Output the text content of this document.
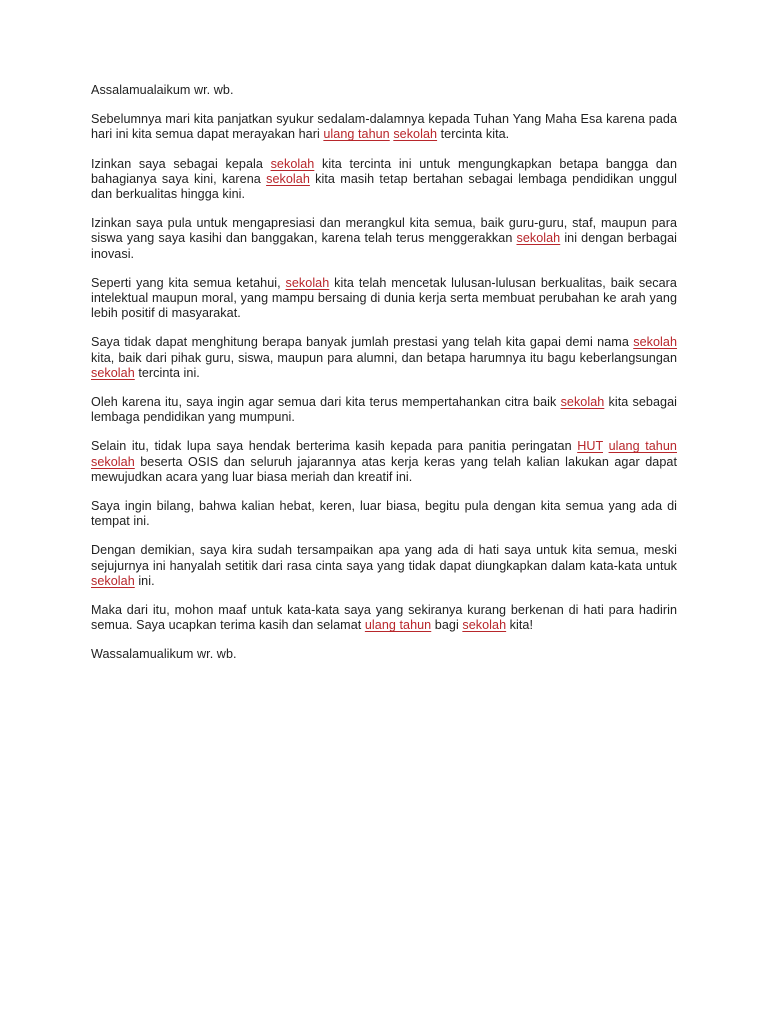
Assalamualaikum wr. wb.

Sebelumnya mari kita panjatkan syukur sedalam-dalamnya kepada Tuhan Yang Maha Esa karena pada hari ini kita semua dapat merayakan hari ulang tahun sekolah tercinta kita.

Izinkan saya sebagai kepala sekolah kita tercinta ini untuk mengungkapkan betapa bangga dan bahagianya saya kini, karena sekolah kita masih tetap bertahan sebagai lembaga pendidikan unggul dan berkualitas hingga kini.

Izinkan saya pula untuk mengapresiasi dan merangkul kita semua, baik guru-guru, staf, maupun para siswa yang saya kasihi dan banggakan, karena telah terus menggerakkan sekolah ini dengan berbagai inovasi.

Seperti yang kita semua ketahui, sekolah kita telah mencetak lulusan-lulusan berkualitas, baik secara intelektual maupun moral, yang mampu bersaing di dunia kerja serta membuat perubahan ke arah yang lebih positif di masyarakat.

Saya tidak dapat menghitung berapa banyak jumlah prestasi yang telah kita gapai demi nama sekolah kita, baik dari pihak guru, siswa, maupun para alumni, dan betapa harumnya itu bagu keberlangsungan sekolah tercinta ini.

Oleh karena itu, saya ingin agar semua dari kita terus mempertahankan citra baik sekolah kita sebagai lembaga pendidikan yang mumpuni.

Selain itu, tidak lupa saya hendak berterima kasih kepada para panitia peringatan HUT ulang tahun sekolah beserta OSIS dan seluruh jajarannya atas kerja keras yang telah kalian lakukan agar dapat mewujudkan acara yang luar biasa meriah dan kreatif ini.

Saya ingin bilang, bahwa kalian hebat, keren, luar biasa, begitu pula dengan kita semua yang ada di tempat ini.

Dengan demikian, saya kira sudah tersampaikan apa yang ada di hati saya untuk kita semua, meski sejujurnya ini hanyalah setitik dari rasa cinta saya yang tidak dapat diungkapkan dalam kata-kata untuk sekolah ini.

Maka dari itu, mohon maaf untuk kata-kata saya yang sekiranya kurang berkenan di hati para hadirin semua. Saya ucapkan terima kasih dan selamat ulang tahun bagi sekolah kita!

Wassalamualikum wr. wb.
